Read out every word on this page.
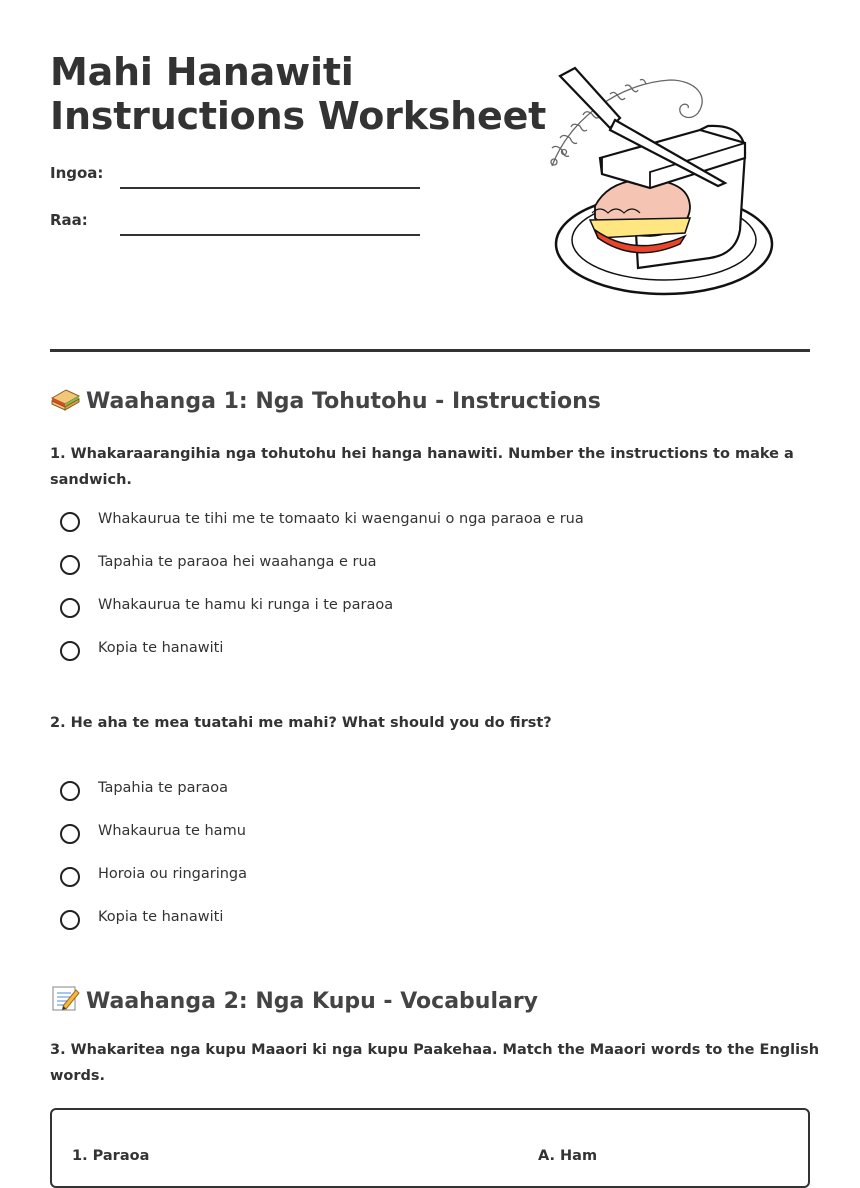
Mahi Hanawiti
Instructions Worksheet
Ingoa:
Raa:
Waahanga 1: Nga Tohutohu - Instructions

1. Whakaraarangihia nga tohutohu hei hanga hanawiti. Number the instructions to make a sandwich.

Whakaurua te tihi me te tomaato ki waenganui o nga paraoa e rua
Tapahia te paraoa hei waahanga e rua
Whakaurua te hamu ki runga i te paraoa
Kopia te hanawiti

2. He aha te mea tuatahi me mahi? What should you do first?

Tapahia te paraoa
Whakaurua te hamu
Horoia ou ringaringa
Kopia te hanawiti
Waahanga 2: Nga Kupu - Vocabulary

3. Whakaritea nga kupu Maaori ki nga kupu Paakehaa. Match the Maaori words to the English words.

1. Paraoa	A. Ham
